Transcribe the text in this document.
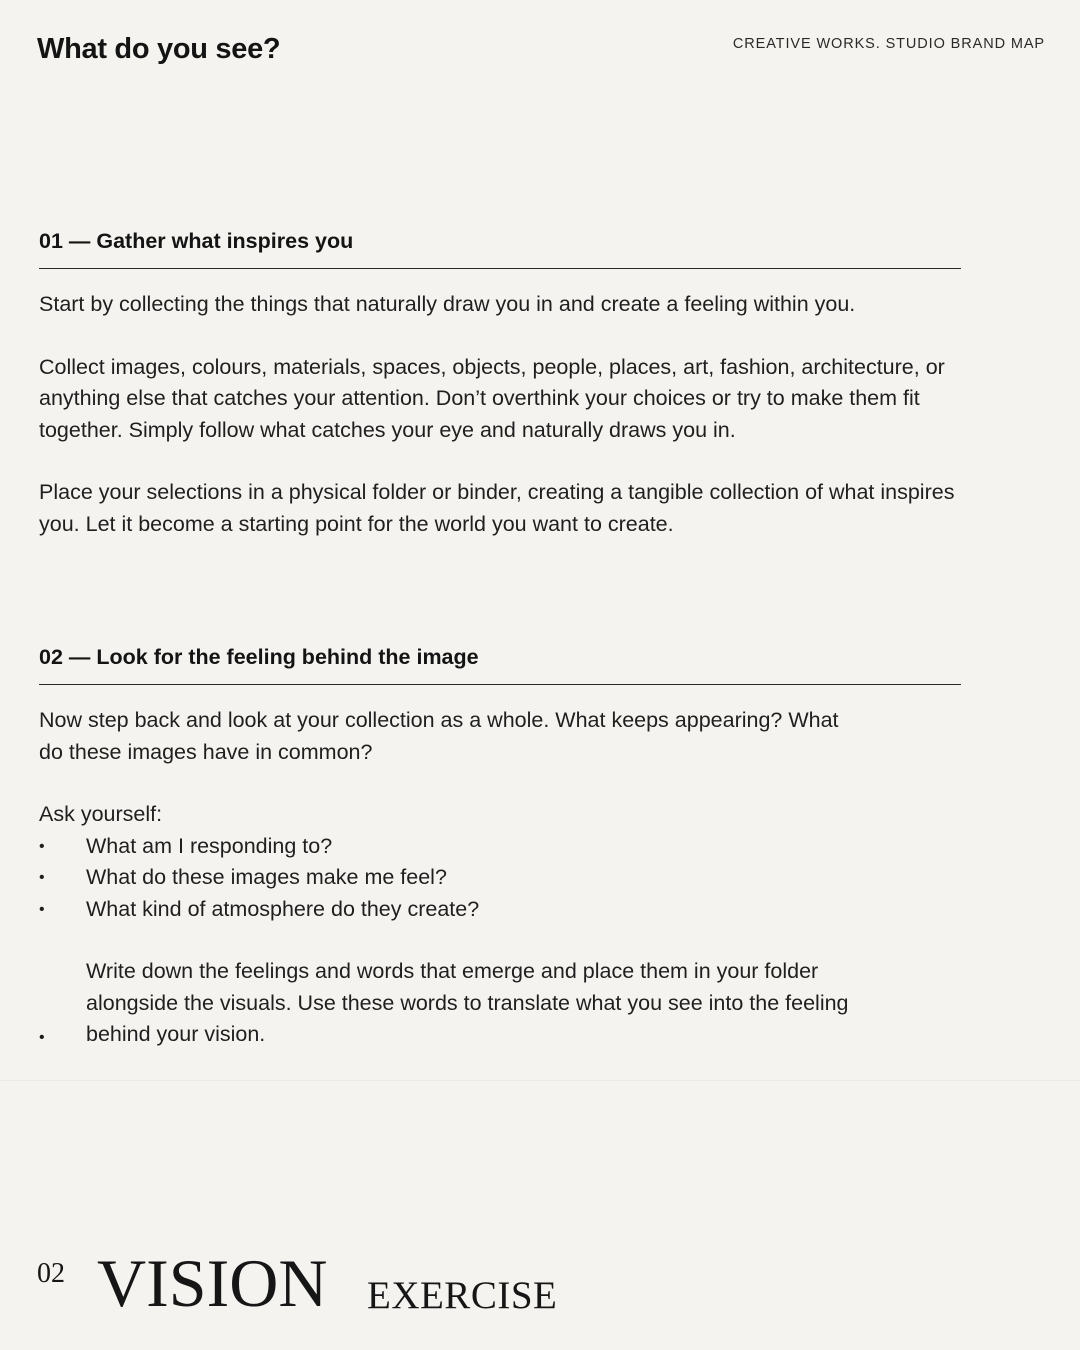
What do you see?	CREATIVE WORKS. STUDIO BRAND MAP
01 — Gather what inspires you

Start by collecting the things that naturally draw you in and create a feeling within you.

Collect images, colours, materials, spaces, objects, people, places, art, fashion, architecture, or anything else that catches your attention. Don’t overthink your choices or try to make them fit together. Simply follow what catches your eye and naturally draws you in.

Place your selections in a physical folder or binder, creating a tangible collection of what inspires you. Let it become a starting point for the world you want to create.

02 — Look for the feeling behind the image

Now step back and look at your collection as a whole. What keeps appearing? What do these images have in common?

Ask yourself:

• What am I responding to?
• What do these images make me feel?
• What kind of atmosphere do they create?
•
Write down the feelings and words that emerge and place them in your folder alongside the visuals. Use these words to translate what you see into the feeling behind your vision.
02 VISION EXERCISE
